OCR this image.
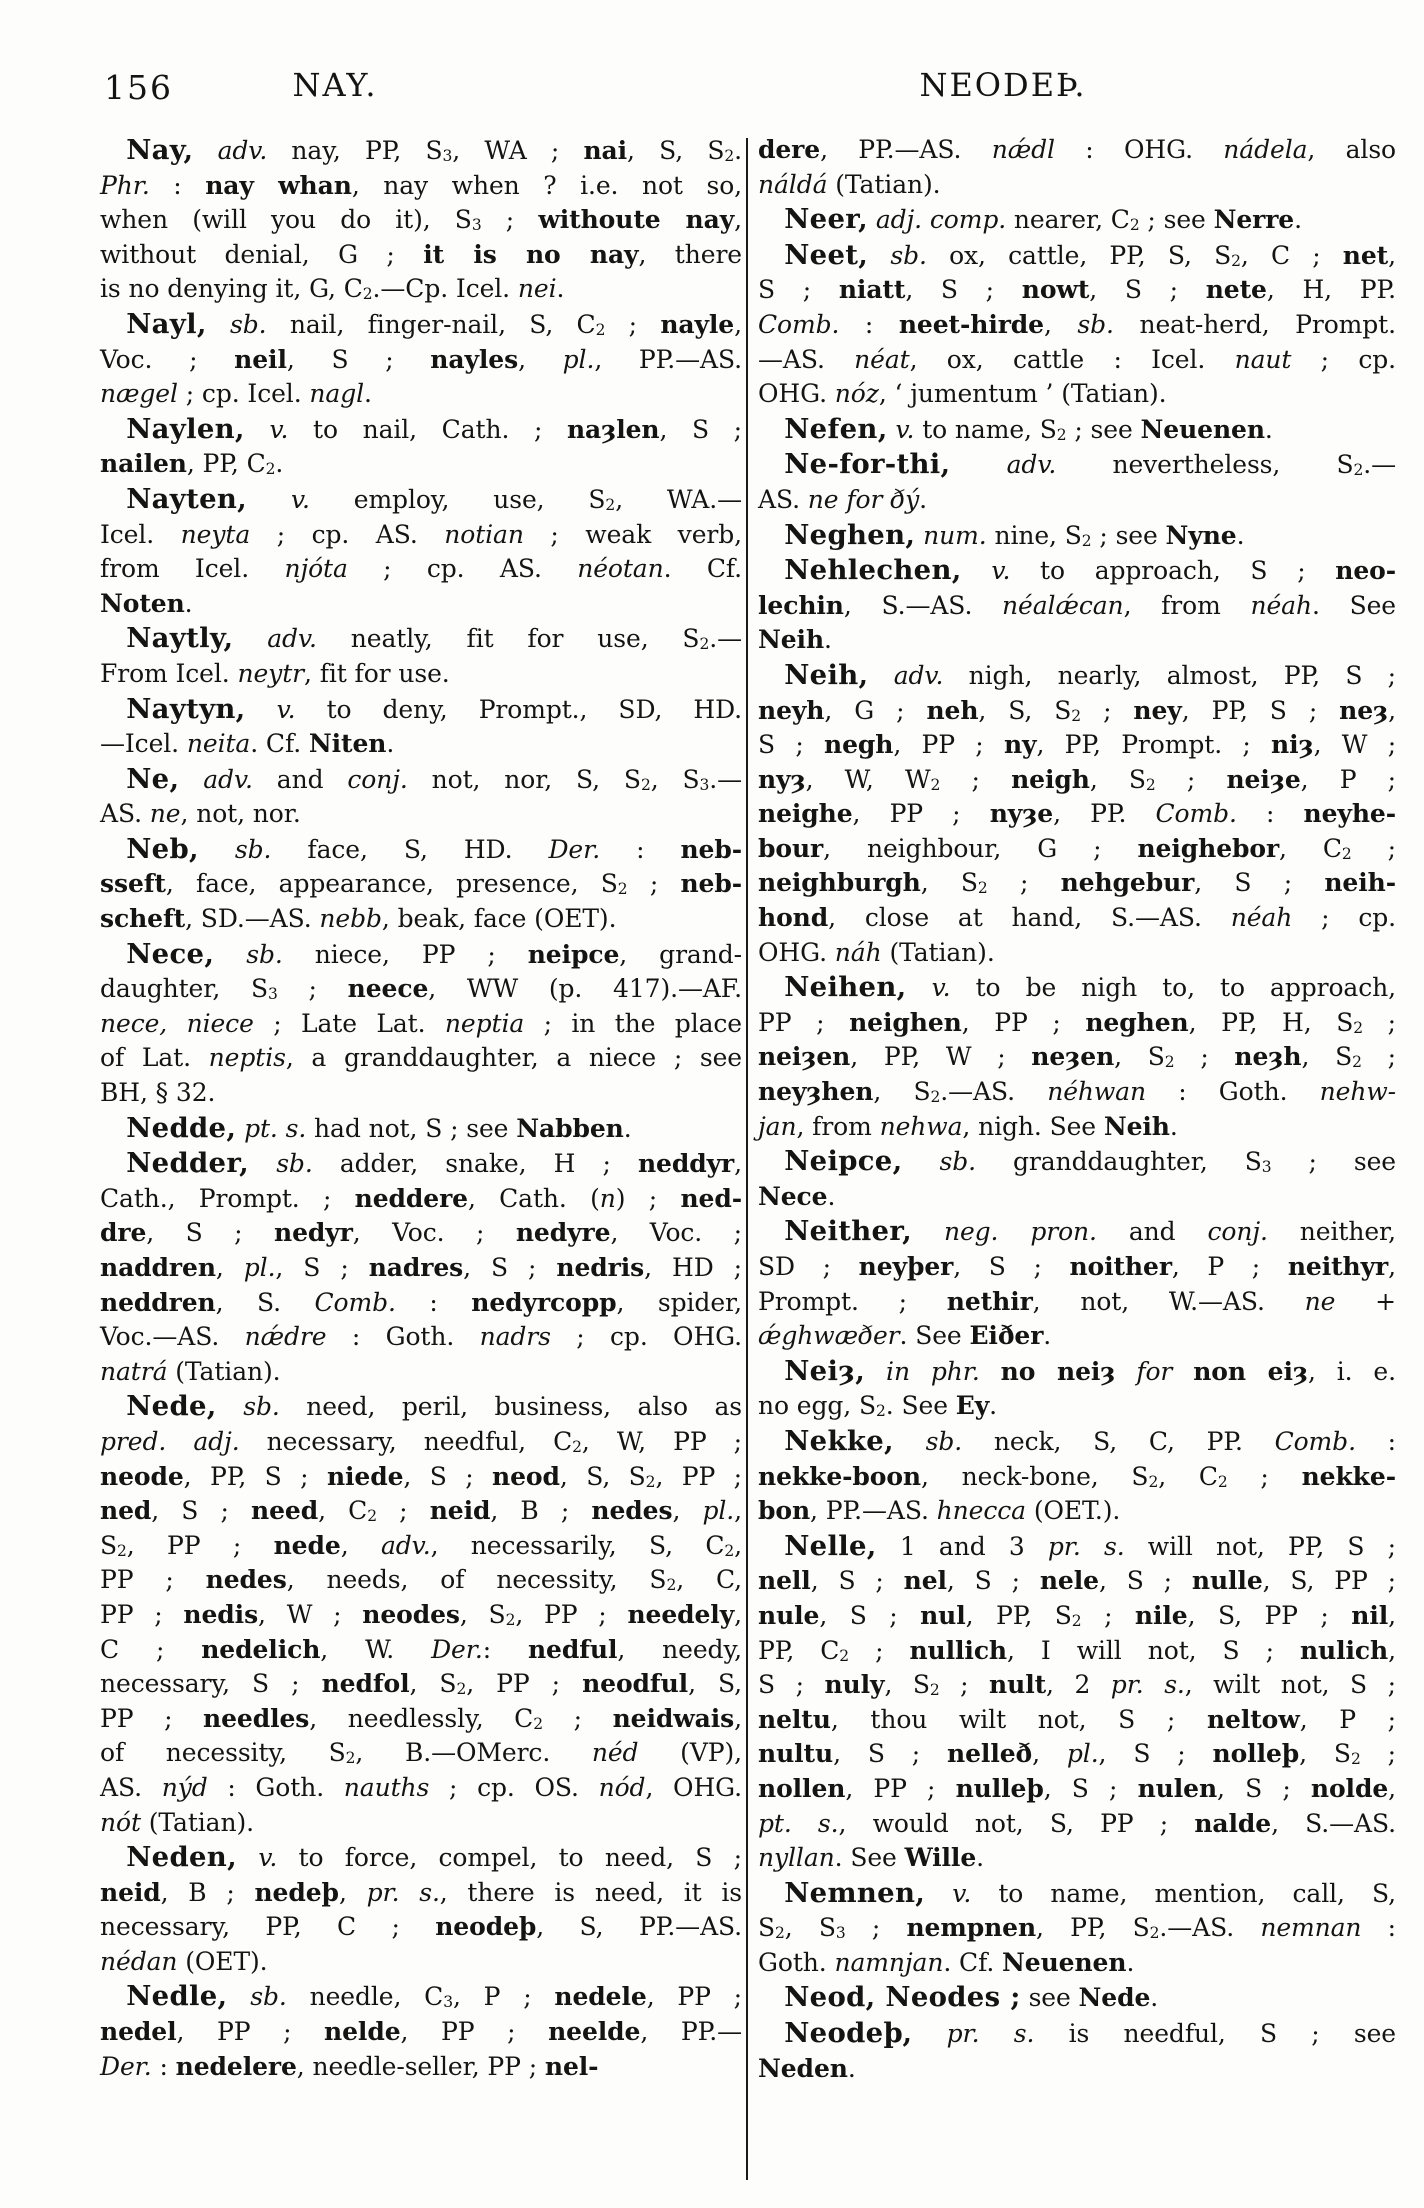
156	NAY.	NEODEÞ.
Nay, adv. nay, PP, $S_3$, WA ; nai, S, $S_2$.
Phr. : nay whan, nay when ? i.e. not so,
when (will you do it), $S_3$ ; withoute nay,
without denial, G ; it is no nay, there
is no denying it, G, $C_2.—Cp$. Icel. nei.
Nayl, sb. nail, finger-nail, S, $C_2$ ; nayle,
Voc. ; neil, S ; nayles, pl., PP.—AS.
nægel ; cp. Icel. nagl.
Naylen, v. to nail, Cath. ; naȝlen, S ;
nailen, PP, $C_2$.
Nayten, v. employ, use, $S_2$, WA.—
Icel. neyta ; cp. AS. notian ; weak verb,
from Icel. njóta ; cp. AS. néotan. Cf.
Noten.
Naytly, adv. neatly, fit for use, $S_2.—$
From Icel. neytr, fit for use.
Naytyn, v. to deny, Prompt., SD, HD.
—Icel. neita. Cf. Niten.
Ne, adv. and conj. not, nor, S, $S_2$, $S_3.—$
AS. ne, not, nor.
Neb, sb. face, S, HD. Der. : neb-
sseft, face, appearance, presence, $S_2$ ; neb-
scheft, SD.—AS. nebb, beak, face (OET).
Nece, sb. niece, PP ; neipce, grand-
daughter, $S_3$ ; neece, WW (p. 417).—AF.
nece, niece ; Late Lat. neptia ; in the place
of Lat. neptis, a granddaughter, a niece ; see
BH, § 32.
Nedde, pt. s. had not, S ; see Nabben.
Nedder, sb. adder, snake, H ; neddyr,
Cath., Prompt. ; neddere, Cath. (n) ; ned-
dre, S ; nedyr, Voc. ; nedyre, Voc. ;
naddren, pl., S ; nadres, S ; nedris, HD ;
neddren, S. Comb. : nedyrcopp, spider,
Voc.—AS. nǽdre : Goth. nadrs ; cp. OHG.
natrá (Tatian).
Nede, sb. need, peril, business, also as
pred. adj. necessary, needful, $C_2$, W, PP ;
neode, PP, S ; niede, S ; neod, S, $S_2$, PP ;
ned, S ; need, $C_2$ ; neid, B ; nedes, pl.,
$S_2$, PP ; nede, adv., necessarily, S, $C_2$,
PP ; nedes, needs, of necessity, $S_2$, C,
PP ; nedis, W ; neodes, $S_2$, PP ; needely,
C ; nedelich, W. Der.: nedful, needy,
necessary, S ; nedfol, $S_2$, PP ; neodful, S,
PP ; needles, needlessly, $C_2$ ; neidwais,
of necessity, $S_2$, B.—OMerc. néd (VP),
AS. nýd : Goth. nauths ; cp. OS. nód, OHG.
nót (Tatian).
Neden, v. to force, compel, to need, S ;
neid, B ; nedeþ, pr. s., there is need, it is
necessary, PP, C ; neodeþ, S, PP.—AS.
nédan (OET).
Nedle, sb. needle, $C_3$, P ; nedele, PP ;
nedel, PP ; nelde, PP ; neelde, PP.—
Der. : nedelere, needle-seller, PP ; nel-
dere, PP.—AS. nǽdl : OHG. nádela, also
náldá (Tatian).
Neer, adj. comp. nearer, $C_2$ ; see Nerre.
Neet, sb. ox, cattle, PP, S, $S_2$, C ; net,
S ; niatt, S ; nowt, S ; nete, H, PP.
Comb. : neet-hirde, sb. neat-herd, Prompt.
—AS. néat, ox, cattle : Icel. naut ; cp.
OHG. nóz, ‘ jumentum ’ (Tatian).
Nefen, v. to name, $S_2$ ; see Neuenen.
Ne-for-thi, adv. nevertheless, $S_2.—$
AS. ne for ðý.
Neghen, num. nine, $S_2$ ; see Nyne.
Nehlechen, v. to approach, S ; neo-
lechin, S.—AS. néalǽcan, from néah. See
Neih.
Neih, adv. nigh, nearly, almost, PP, S ;
neyh, G ; neh, S, $S_2$ ; ney, PP, S ; neȝ,
S ; negh, PP ; ny, PP, Prompt. ; niȝ, W ;
nyȝ, W, $W_2$ ; neigh, $S_2$ ; neiȝe, P ;
neighe, PP ; nyȝe, PP. Comb. : neyhe-
bour, neighbour, G ; neighebor, $C_2$ ;
neighburgh, $S_2$ ; nehgebur, S ; neih-
hond, close at hand, S.—AS. néah ; cp.
OHG. náh (Tatian).
Neihen, v. to be nigh to, to approach,
PP ; neighen, PP ; neghen, PP, H, $S_2$ ;
neiȝen, PP, W ; neȝen, $S_2$ ; neȝh, $S_2$ ;
neyȝhen, $S_2.—AS$. néhwan : Goth. nehw-
jan, from nehwa, nigh. See Neih.
Neipce, sb. granddaughter, $S_3$ ; see
Nece.
Neither, neg. pron. and conj. neither,
SD ; neyþer, S ; noither, P ; neithyr,
Prompt. ; nethir, not, W.—AS. ne +
ǽghwæðer. See Eiðer.
Neiȝ, in phr. no neiȝ for non eiȝ, i. e.
no egg, $S_2$. See Ey.
Nekke, sb. neck, S, C, PP. Comb. :
nekke-boon, neck-bone, $S_2$, $C_2$ ; nekke-
bon, PP.—AS. hnecca (OET.).
Nelle, 1 and 3 pr. s. will not, PP, S ;
nell, S ; nel, S ; nele, S ; nulle, S, PP ;
nule, S ; nul, PP, $S_2$ ; nile, S, PP ; nil,
PP, $C_2$ ; nullich, I will not, S ; nulich,
S ; nuly, $S_2$ ; nult, 2 pr. s., wilt not, S ;
neltu, thou wilt not, S ; neltow, P ;
nultu, S ; nelleð, pl., S ; nolleþ, $S_2$ ;
nollen, PP ; nulleþ, S ; nulen, S ; nolde,
pt. s., would not, S, PP ; nalde, S.—AS.
nyllan. See Wille.
Nemnen, v. to name, mention, call, S,
$S_2$, $S_3$ ; nempnen, PP, $S_2.—AS$. nemnan :
Goth. namnjan. Cf. Neuenen.
Neod, Neodes ; see Nede.
Neodeþ, pr. s. is needful, S ; see
Neden.
